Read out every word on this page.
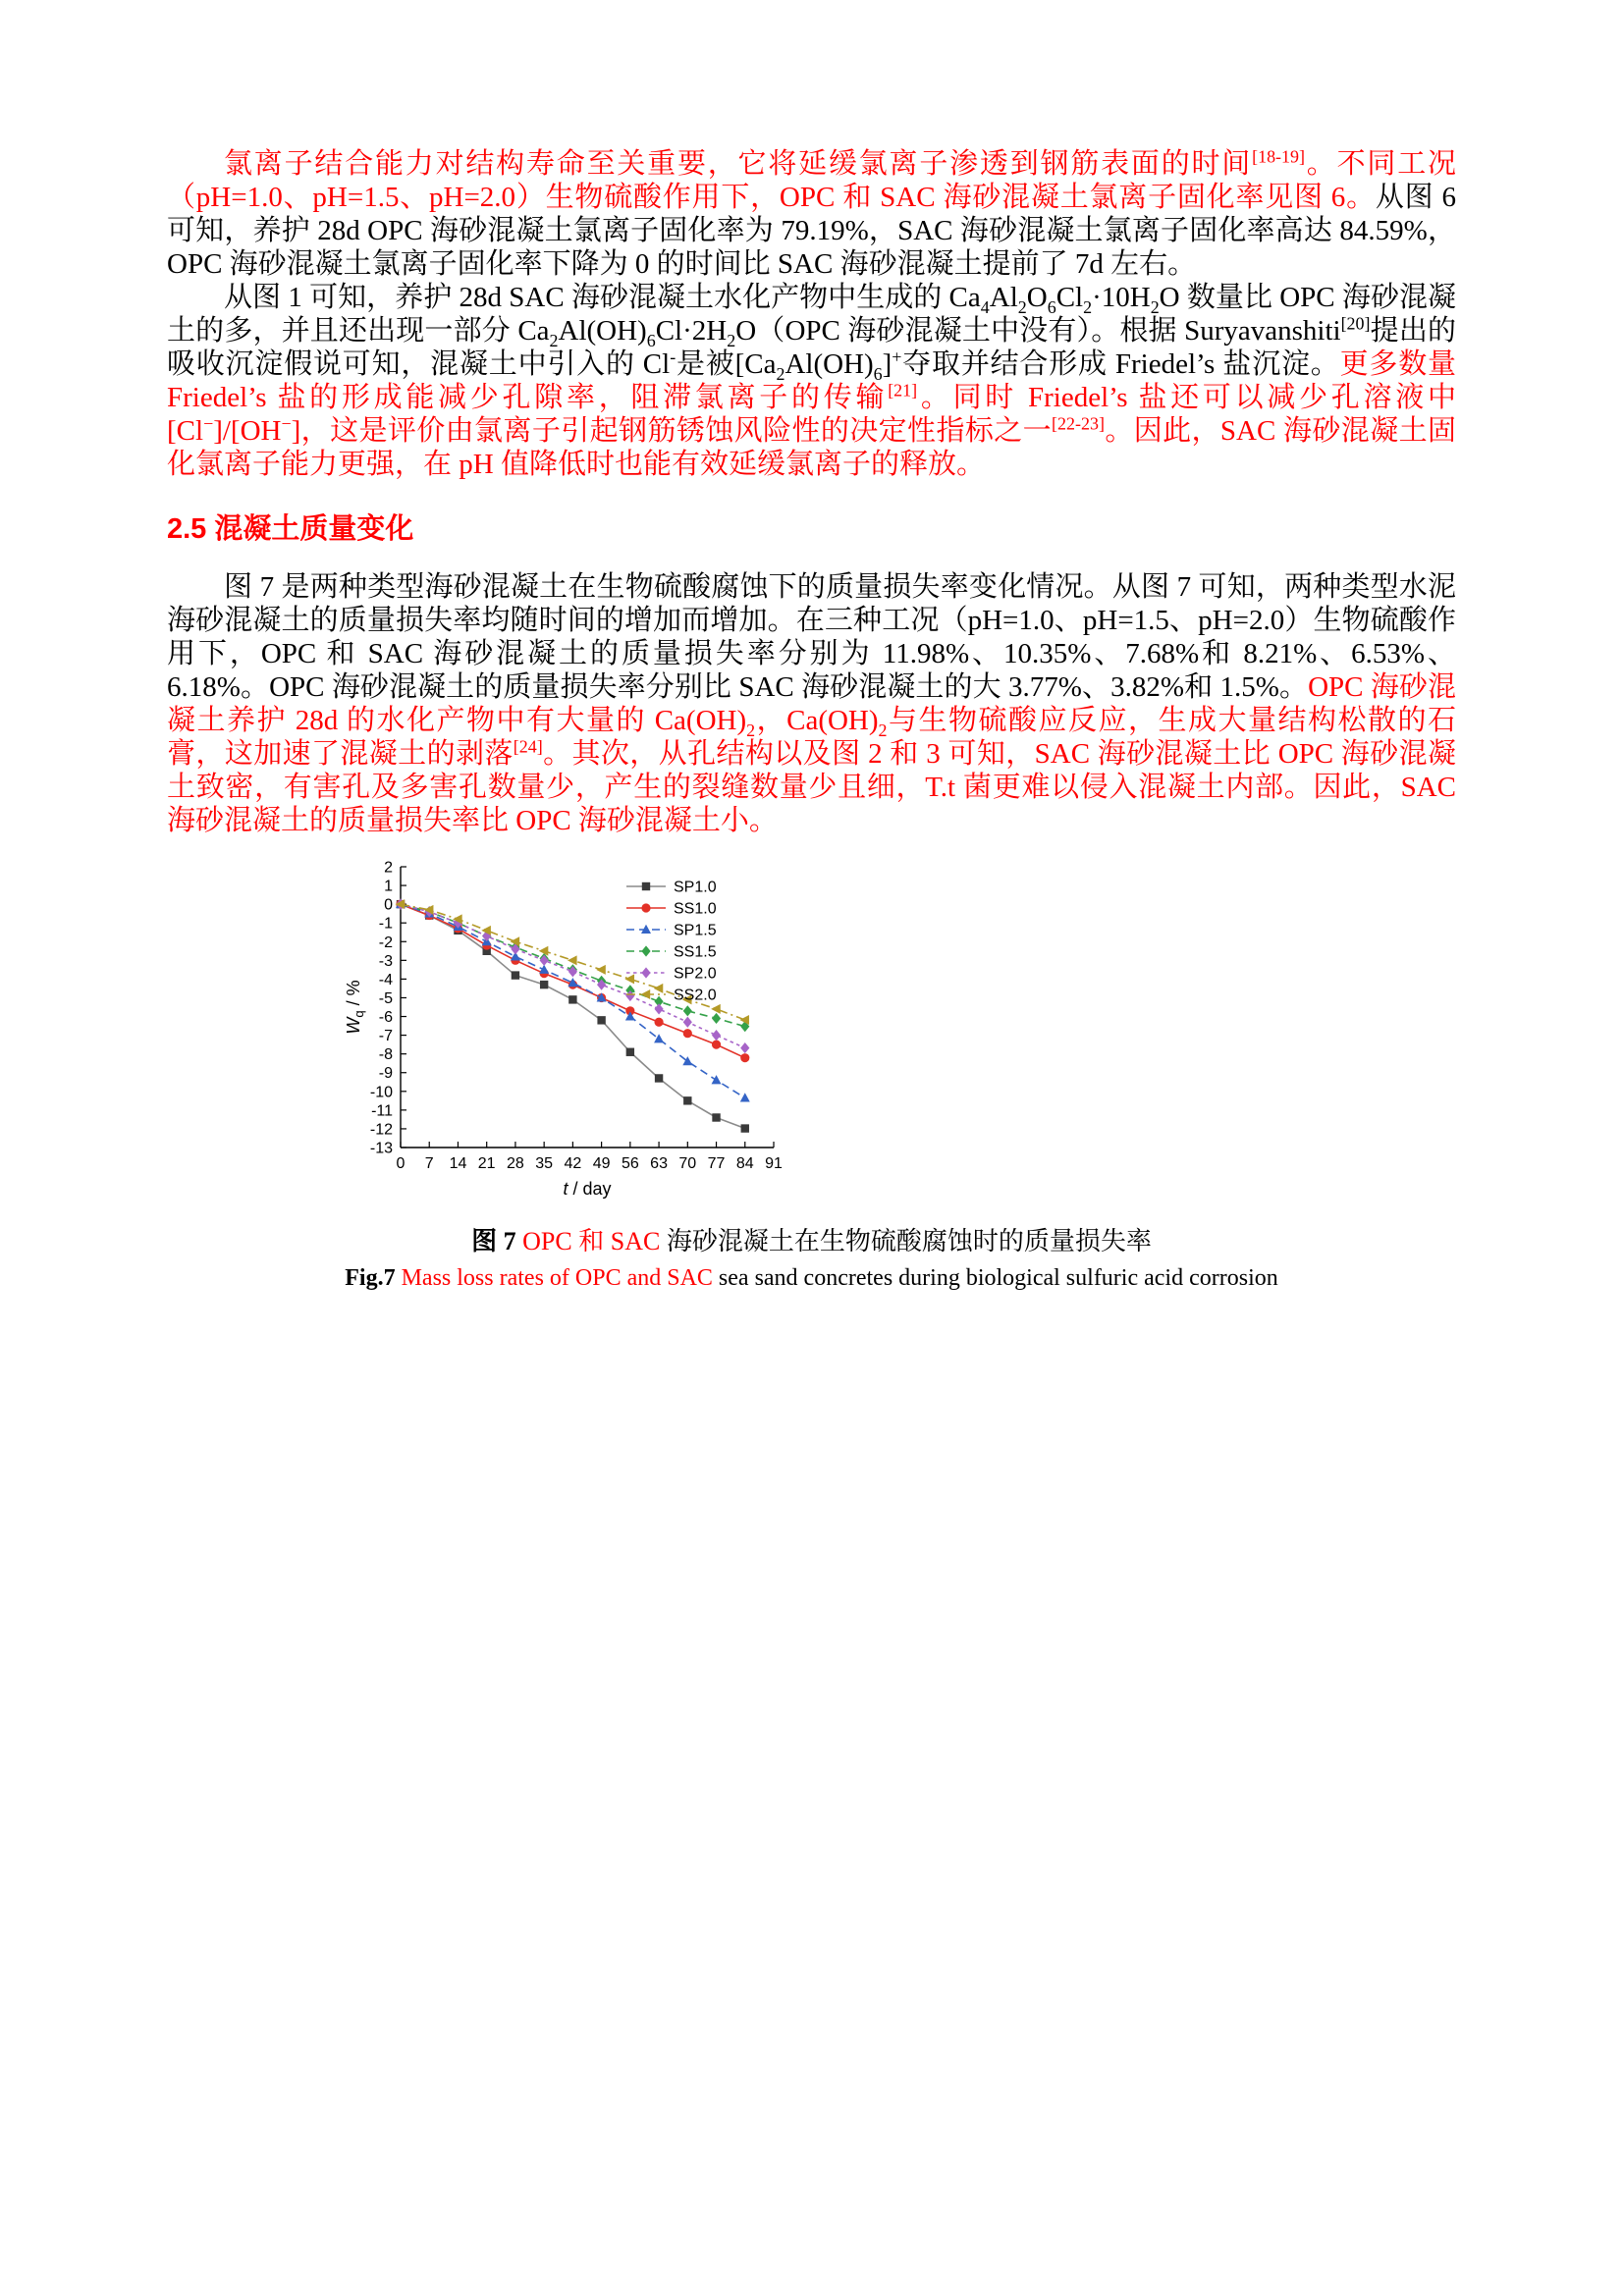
氯离子结合能力对结构寿命至关重要，它将延缓氯离子渗透到钢筋表面的时间[18-19]。不同工况（pH=1.0、pH=1.5、pH=2.0）生物硫酸作用下，OPC 和 SAC 海砂混凝土氯离子固化率见图 6。从图 6 可知，养护 28d OPC 海砂混凝土氯离子固化率为 79.19%，SAC 海砂混凝土氯离子固化率高达 84.59%，OPC 海砂混凝土氯离子固化率下降为 0 的时间比 SAC 海砂混凝土提前了 7d 左右。

从图 1 可知，养护 28d SAC 海砂混凝土水化产物中生成的 $Ca_4Al_2O_6Cl_2\cdot 10H_2O$ 数量比 OPC 海砂混凝土的多，并且还出现一部分 $Ca_2Al(OH)_6Cl\cdot 2H_2O(OPC$ 海砂混凝土中没有）。根据 Suryavanshiti[20]提出的吸收沉淀假说可知，混凝土中引入的 Cl-是被$[Ca_2Al(OH)_6]^+$夺取并结合形成 Friedel’s 盐沉淀。更多数量 Friedel’s 盐的形成能减少孔隙率，阻滞氯离子的传输[21]。同时 Friedel’s 盐还可以减少孔溶液中[Cl−]/[OH−]，这是评价由氯离子引起钢筋锈蚀风险性的决定性指标之一[22-23]。因此，SAC 海砂混凝土固化氯离子能力更强，在 pH 值降低时也能有效延缓氯离子的释放。

2.5 混凝土质量变化

图 7 是两种类型海砂混凝土在生物硫酸腐蚀下的质量损失率变化情况。从图 7 可知，两种类型水泥海砂混凝土的质量损失率均随时间的增加而增加。在三种工况（pH=1.0、pH=1.5、pH=2.0）生物硫酸作用下，OPC 和 SAC 海砂混凝土的质量损失率分别为 11.98%、10.35%、7.68%和 8.21%、6.53%、6.18%。OPC 海砂混凝土的质量损失率分别比 SAC 海砂混凝土的大 3.77%、3.82%和 1.5%。OPC 海砂混凝土养护 28d 的水化产物中有大量的 $Ca(OH)_2$，$Ca(OH)_2$与生物硫酸应反应，生成大量结构松散的石膏，这加速了混凝土的剥落[24]。其次，从孔结构以及图 2 和 3 可知，SAC 海砂混凝土比 OPC 海砂混凝土致密，有害孔及多害孔数量少，产生的裂缝数量少且细，T.t 菌更难以侵入混凝土内部。因此，SAC 海砂混凝土的质量损失率比 OPC 海砂混凝土小。

2
1
0
-1
-2
-3
-4
-5
-6
-7
-8
-9
-10
-11
-12
-13
0 7 14 21 28 35 42 49 56 63 70 77 84 91
t / day
$W_q$ / %
SP1.0
SS1.0
SP1.5
SS1.5
SP2.0
SS2.0
图 7 OPC 和 SAC 海砂混凝土在生物硫酸腐蚀时的质量损失率
Fig.7 Mass loss rates of OPC and SAC sea sand concretes during biological sulfuric acid corrosion
